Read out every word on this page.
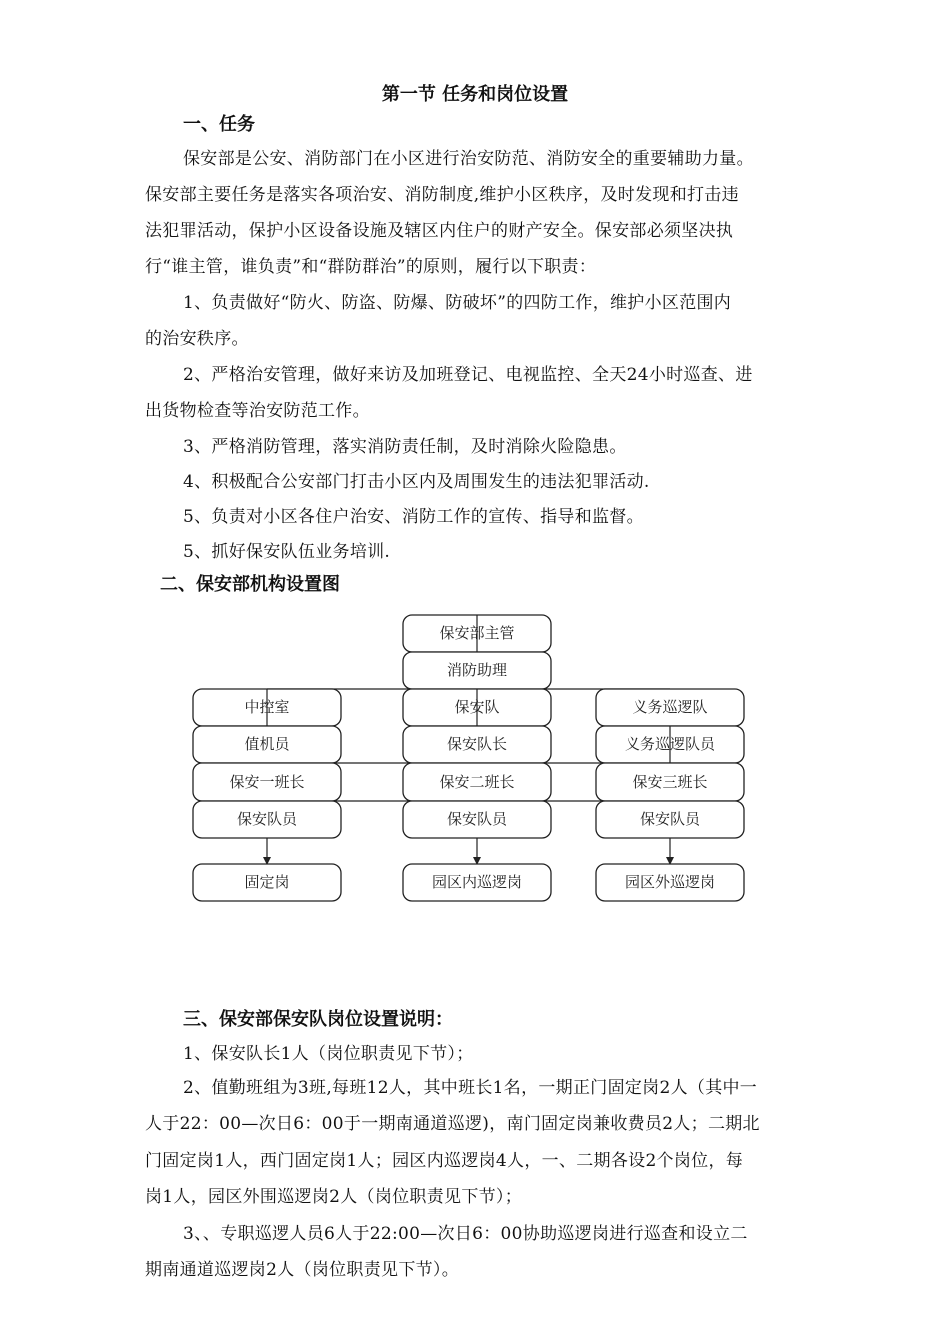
第一节 任务和岗位设置
一、任务
保安部是公安、消防部门在小区进行治安防范、消防安全的重要辅助力量。
保安部主要任务是落实各项治安、消防制度,维护小区秩序，及时发现和打击违
法犯罪活动，保护小区设备设施及辖区内住户的财产安全。保安部必须坚决执
行“谁主管，谁负责”和“群防群治”的原则，履行以下职责：
1、负责做好“防火、防盗、防爆、防破坏”的四防工作，维护小区范围内
的治安秩序。
2、严格治安管理，做好来访及加班登记、电视监控、全天24小时巡查、进
出货物检查等治安防范工作。
3、严格消防管理，落实消防责任制，及时消除火险隐患。
4、积极配合公安部门打击小区内及周围发生的违法犯罪活动.
5、负责对小区各住户治安、消防工作的宣传、指导和监督。
5、抓好保安队伍业务培训.
二、保安部机构设置图
保安部主管
消防助理
中控室
值机员
保安一班长
保安队员
固定岗
保安队
保安队长
保安二班长
保安队员
园区内巡逻岗
义务巡逻队
义务巡逻队员
保安三班长
保安队员
园区外巡逻岗
三、保安部保安队岗位设置说明：
1、保安队长1人（岗位职责见下节）；
2、值勤班组为3班,每班12人，其中班长1名，一期正门固定岗2人（其中一
人于22：00—次日6：00于一期南通道巡逻)，南门固定岗兼收费员2人；二期北
门固定岗1人，西门固定岗1人；园区内巡逻岗4人，一、二期各设2个岗位，每
岗1人，园区外围巡逻岗2人（岗位职责见下节）；
3、、专职巡逻人员6人于22:00—次日6：00协助巡逻岗进行巡查和设立二
期南通道巡逻岗2人（岗位职责见下节）。
